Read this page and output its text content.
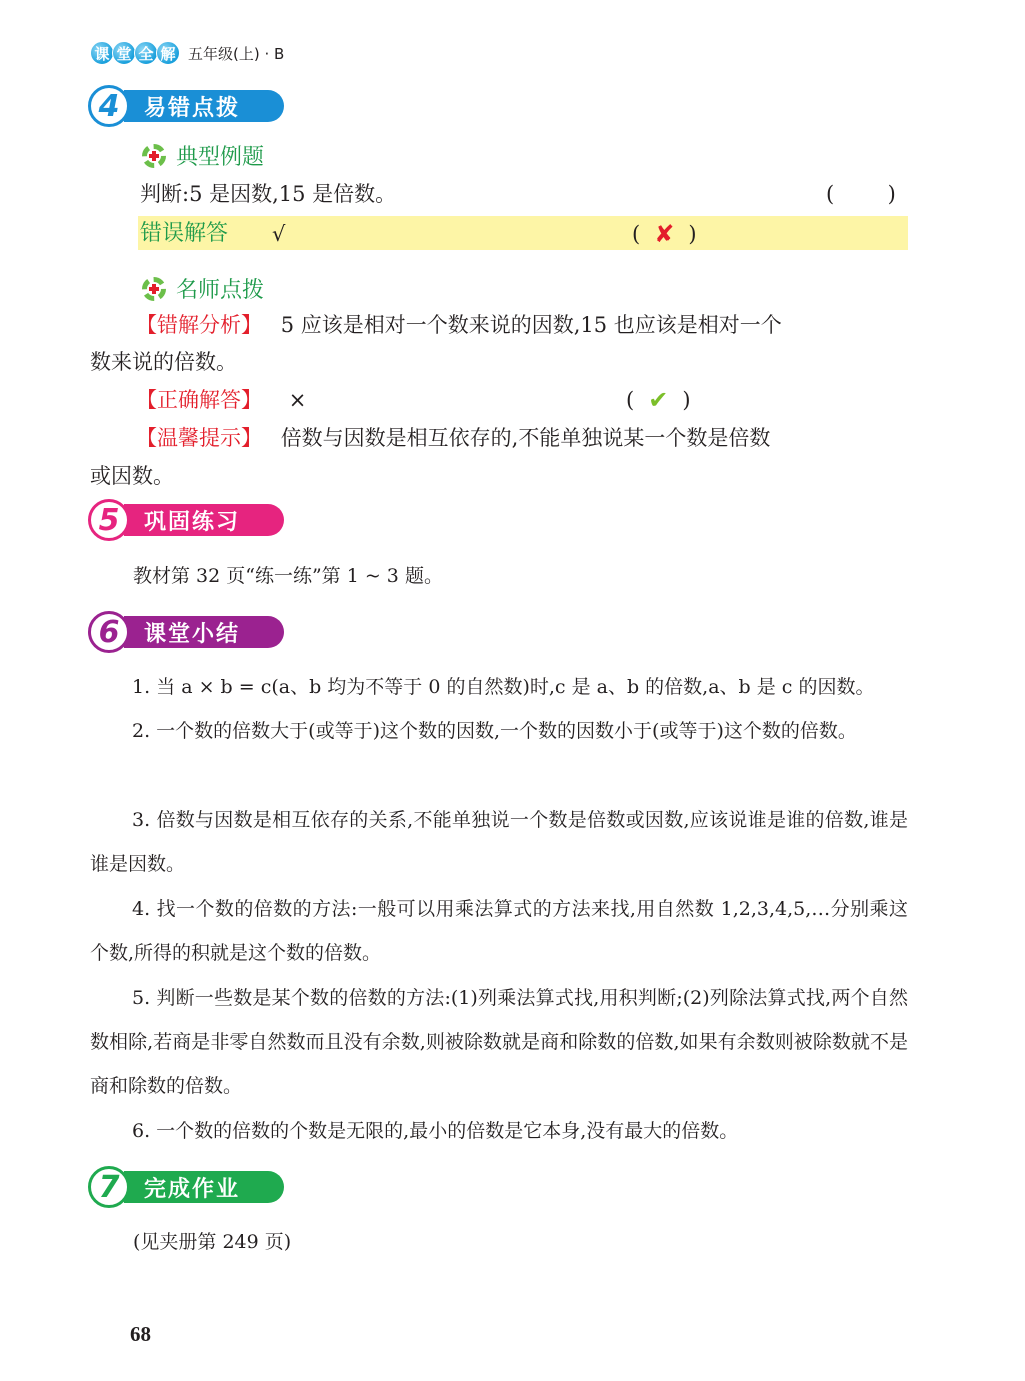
课 堂 全 解 五年级(上) · B
4	易错点拨
典型例题
判断:5 是因数,15 是倍数。	(        )
错误解答 √	( ✘ )
名师点拨
【错解分析】 5 应该是相对一个数来说的因数,15 也应该是相对一个
数来说的倍数。
【正确解答】 ×	( ✔ )
【温馨提示】 倍数与因数是相互依存的,不能单独说某一个数是倍数
或因数。
5	巩固练习
教材第 32 页“练一练”第 1 ~ 3 题。
6	课堂小结
1. 当 a × b = c(a、b 均为不等于 0 的自然数)时,c 是 a、b 的倍数,a、b 是 c 的因数。
2. 一个数的倍数大于(或等于)这个数的因数,一个数的因数小于(或等于)这个数的倍数。
3. 倍数与因数是相互依存的关系,不能单独说一个数是倍数或因数,应该说谁是谁的倍数,谁是谁是因数。
4. 找一个数的倍数的方法:一般可以用乘法算式的方法来找,用自然数 1,2,3,4,5,…分别乘这个数,所得的积就是这个数的倍数。
5. 判断一些数是某个数的倍数的方法:(1)列乘法算式找,用积判断;(2)列除法算式找,两个自然数相除,若商是非零自然数而且没有余数,则被除数就是商和除数的倍数,如果有余数则被除数就不是商和除数的倍数。
6. 一个数的倍数的个数是无限的,最小的倍数是它本身,没有最大的倍数。
7	完成作业
(见夹册第 249 页)
68
